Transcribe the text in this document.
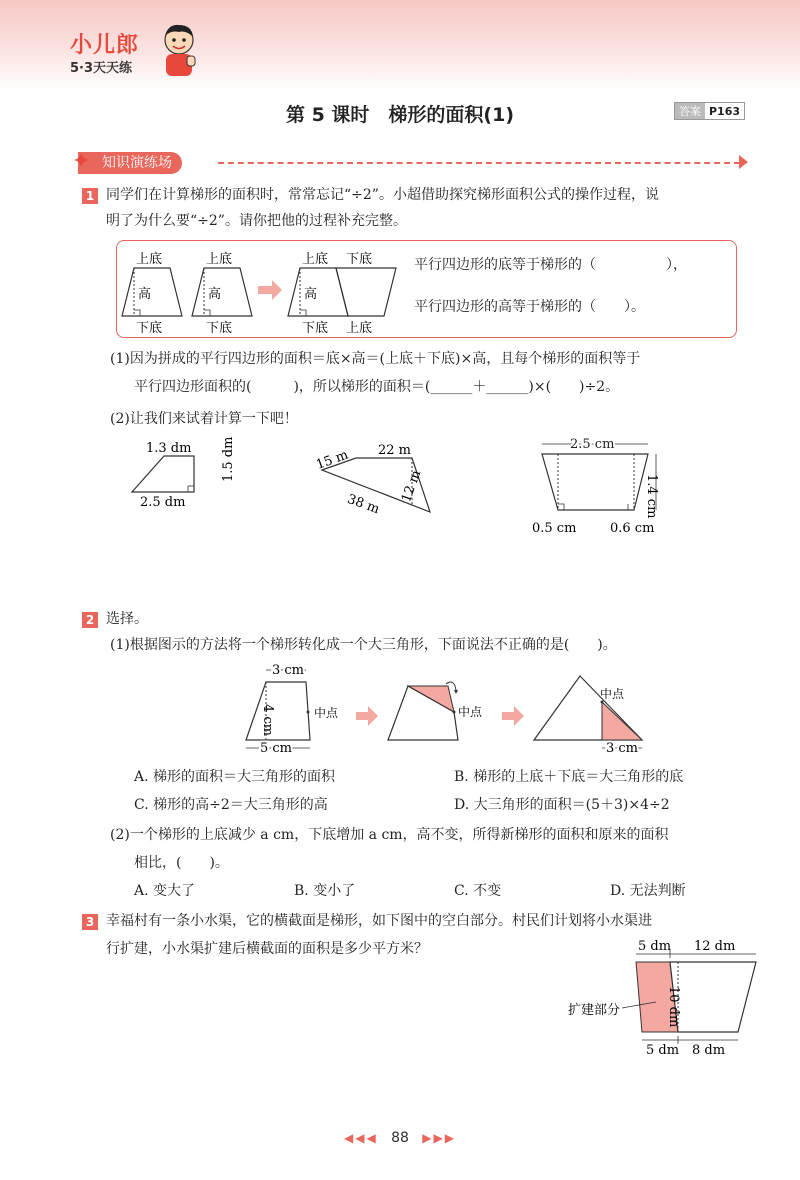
小儿郎
5·3天天练
第 5 课时　梯形的面积(1)	答案 P163
知识演练场
✦
1 同学们在计算梯形的面积时，常常忘记“÷2”。小超借助探究梯形面积公式的操作过程，说
明了为什么要“÷2”。请你把他的过程补充完整。
上底
高
下底
上底
高
下底
上底 下底
高
下底 上底
平行四边形的底等于梯形的（　　　　　），
平行四边形的高等于梯形的（　　）。
(1)因为拼成的平行四边形的面积＝底×高＝(上底＋下底)×高，且每个梯形的面积等于
平行四边形面积的(　　　)，所以梯形的面积＝(______＋______)×(　　)÷2。
(2)让我们来试着计算一下吧！
1.3 dm 1.5 dm
2.5 dm
15 m 22 m
12 m
38 m
2.5 cm
1.4 cm
0.5 cm	0.6 cm
2 选择。
(1)根据图示的方法将一个梯形转化成一个大三角形，下面说法不正确的是(　　)。
3 cm
4 cm	中点
5 cm
中点
中点
3 cm
A. 梯形的面积＝大三角形的面积	B. 梯形的上底＋下底＝大三角形的底
C. 梯形的高÷2＝大三角形的高	D. 大三角形的面积＝(5＋3)×4÷2
(2)一个梯形的上底减少 a cm，下底增加 a cm，高不变，所得新梯形的面积和原来的面积
相比，(　　)。
A. 变大了	B. 变小了	C. 不变	D. 无法判断
3 幸福村有一条小水渠，它的横截面是梯形，如下图中的空白部分。村民们计划将小水渠进
行扩建，小水渠扩建后横截面的面积是多少平方米？	5 dm 12 dm
10 dm
扩建部分
5 dm 8 dm
◀◀◀ 88 ▶▶▶
